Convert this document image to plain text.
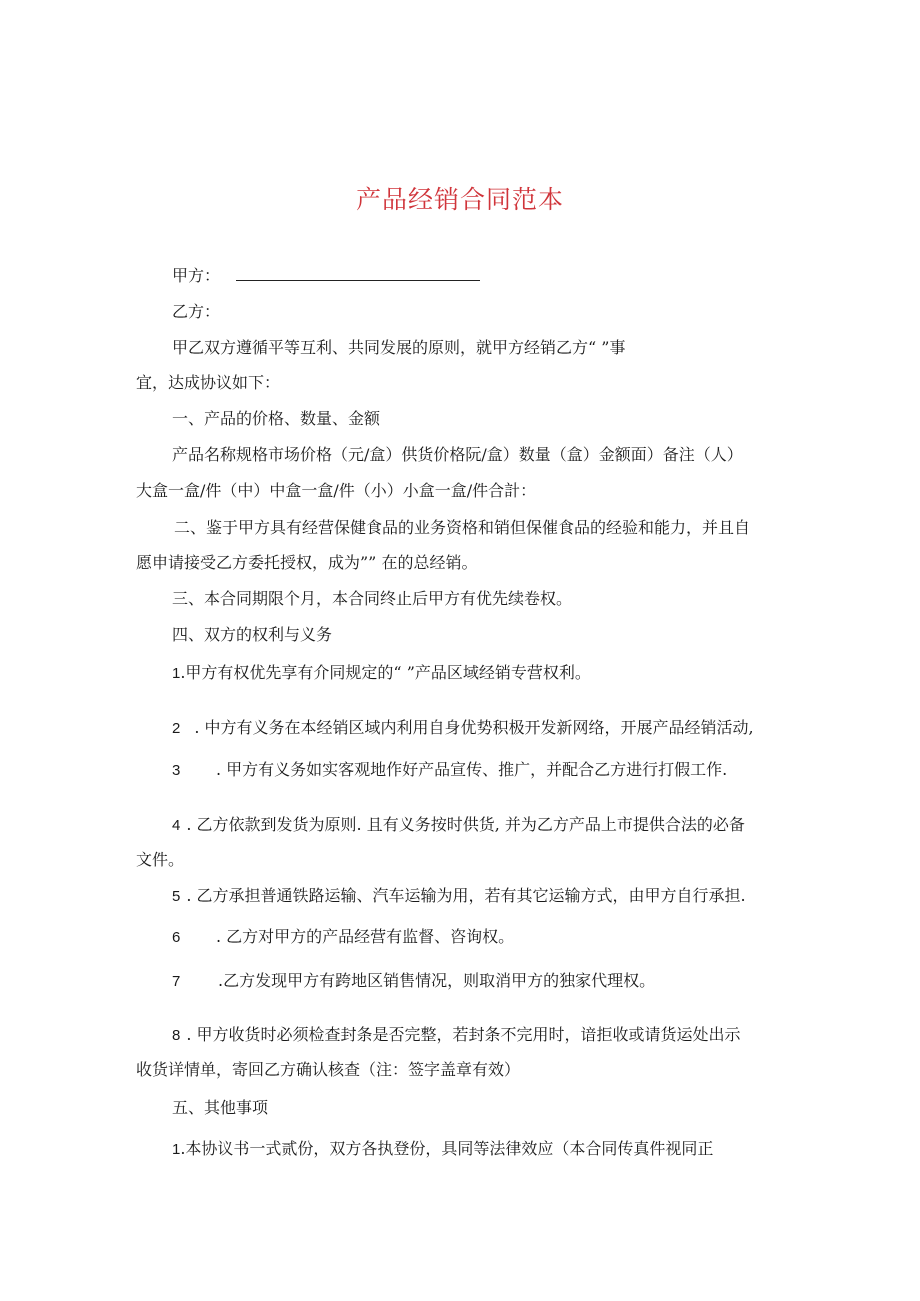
产品经销合同范本
甲方：
乙方：
甲乙双方遵循平等互利、共同发展的原则，就甲方经销乙方“ ”事
宜，达成协议如下：
一、产品的价格、数量、金额
产品名称规格市场价格（元/盒）供货价格阮/盒）数量（盒）金额面）备注（人）
大盒一盒/件（中）中盒一盒/件（小）小盒一盒/件合計：
二、鉴于甲方具有经营保健食品的业务资格和销但保催食品的经验和能力，并且自
愿申请接受乙方委托授权，成为”” 在的总经销。
三、本合同期限个月，本合同终止后甲方有优先续卷权。
四、双方的权利与义务
1.甲方有权优先享有介同规定的“ ”产品区域经销专营权利。
2 . 中方有义务在本经销区域内利用自身优势积极开发新网络，开展产品经销活动,
3 . 甲方有义务如实客观地作好产品宣传、推广，并配合乙方进行打假工作.
4 . 乙方依款到发货为原则. 且有义务按时供货, 并为乙方产品上市提供合法的必备
文件。
5 . 乙方承担普通铁路运输、汽车运输为用，若有其它运输方式，由甲方自行承担.
6 . 乙方对甲方的产品经营有监督、咨询权。
7 .乙方发现甲方有跨地区销售情况，则取消甲方的独家代理权。
8 . 甲方收货时必须检查封条是否完整，若封条不完用时，谙拒收或请货运处出示
收货详情单，寄回乙方确认核查（注：签字盖章有效）
五、其他事项
1.本协议书一式贰份，双方各执登份，具同等法律效应（本合同传真件视同正
